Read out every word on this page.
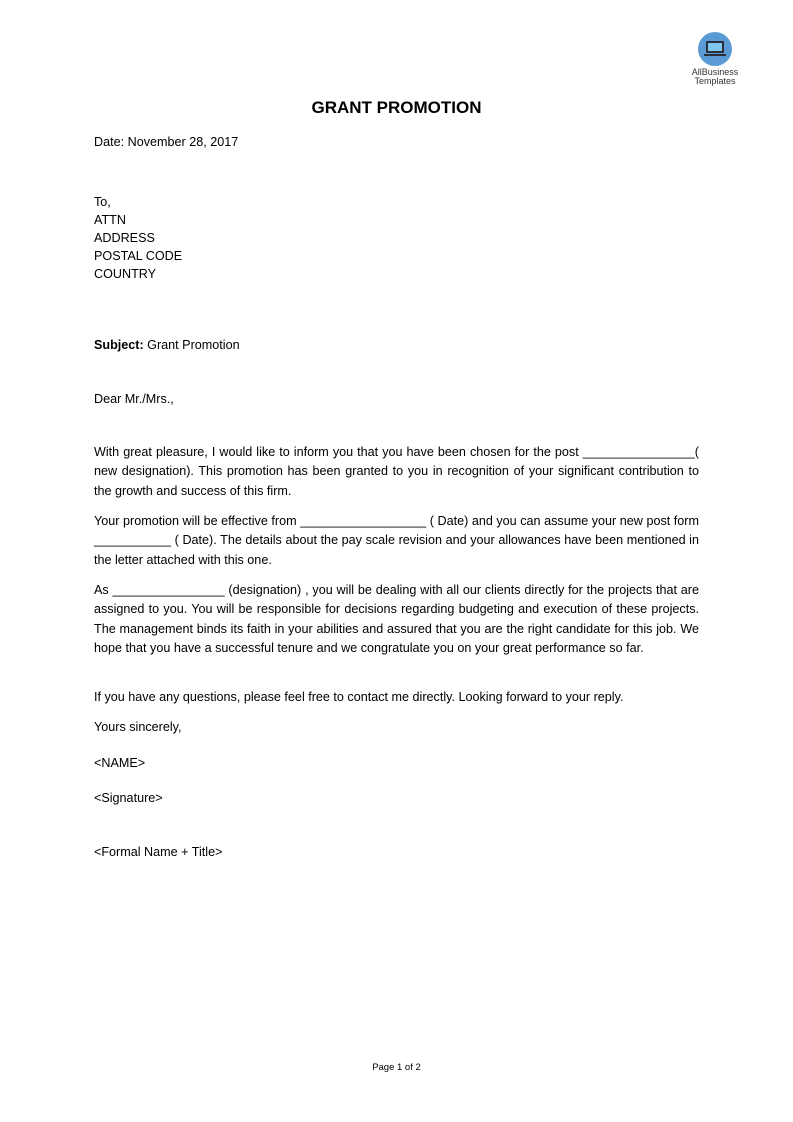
AllBusiness
Templates
GRANT PROMOTION
Date: November 28, 2017
To,
ATTN
ADDRESS
POSTAL CODE
COUNTRY
Subject: Grant Promotion
Dear Mr./Mrs.,

With great pleasure, I would like to inform you that you have been chosen for the post ________________( new designation). This promotion has been granted to you in recognition of your significant contribution to the growth and success of this firm.

Your promotion will be effective from __________________ ( Date) and you can assume your new post form ___________ ( Date). The details about the pay scale revision and your allowances have been mentioned in the letter attached with this one.

As ________________ (designation) , you will be dealing with all our clients directly for the projects that are assigned to you. You will be responsible for decisions regarding budgeting and execution of these projects. The management binds its faith in your abilities and assured that you are the right candidate for this job. We hope that you have a successful tenure and we congratulate you on your great performance so far.

If you have any questions, please feel free to contact me directly. Looking forward to your reply.

Yours sincerely,
<NAME>
<Signature>
<Formal Name + Title>
Page 1 of 2
